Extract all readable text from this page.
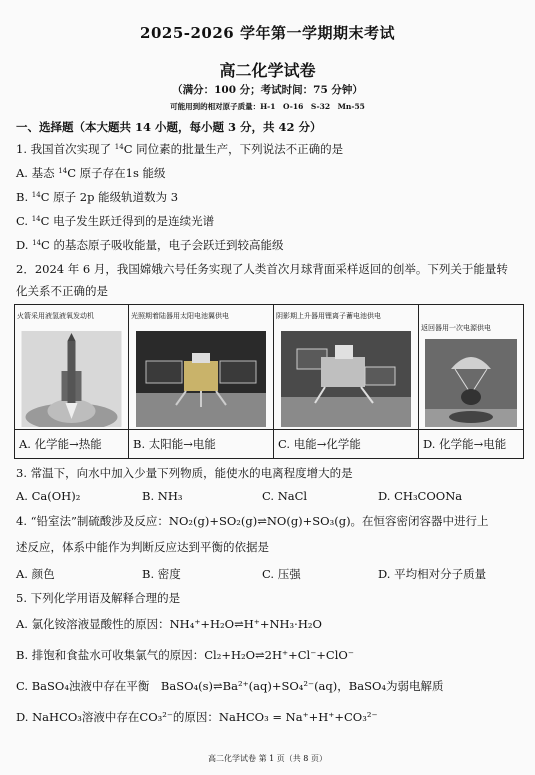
2025-2026 学年第一学期期末考试
高二化学试卷
（满分：100 分；考试时间：75 分钟）
可能用到的相对原子质量：H-1　O-16　S-32　Mn-55
一、选择题（本大题共 14 小题，每小题 3 分，共 42 分）
1. 我国首次实现了 $^{14}$C 同位素的批量生产，下列说法不正确的是
A. 基态 $^{14}$C 原子存在1s 能级
B. $^{14}$C 原子 2p 能级轨道数为 3
C. $^{14}$C 电子发生跃迁得到的是连续光谱
D. $^{14}$C 的基态原子吸收能量，电子会跃迁到较高能级
2．2024 年 6 月，我国嫦娥六号任务实现了人类首次月球背面采样返回的创举。下列关于能量转
化关系不正确的是
火箭采用液氢液氧发动机
A. 化学能→热能
光照期着陆器用太阳电池翼供电
B. 太阳能→电能
阴影期上升器用锂离子蓄电池供电
C. 电能→化学能
返回器用一次电源供电
D. 化学能→电能
3. 常温下，向水中加入少量下列物质，能使水的电离程度增大的是
A. Ca(OH)₂	B. NH₃	C. NaCl	D. CH₃COONa
4. “铅室法”制硫酸涉及反应：NO₂(g)+SO₂(g)⇌NO(g)+SO₃(g)。在恒容密闭容器中进行上
述反应，体系中能作为判断反应达到平衡的依据是
A. 颜色	B. 密度	C. 压强	D. 平均相对分子质量
5. 下列化学用语及解释合理的是
A. 氯化铵溶液显酸性的原因：NH₄⁺+H₂O⇌H⁺+NH₃·H₂O
B. 排饱和食盐水可收集氯气的原因：Cl₂+H₂O⇌2H⁺+Cl⁻+ClO⁻
C. BaSO₄浊液中存在平衡　BaSO₄(s)⇌Ba²⁺(aq)+SO₄²⁻(aq)，BaSO₄为弱电解质
D. NaHCO₃溶液中存在CO₃²⁻的原因：NaHCO₃ = Na⁺+H⁺+CO₃²⁻
高二化学试卷 第 1 页（共 8 页）
